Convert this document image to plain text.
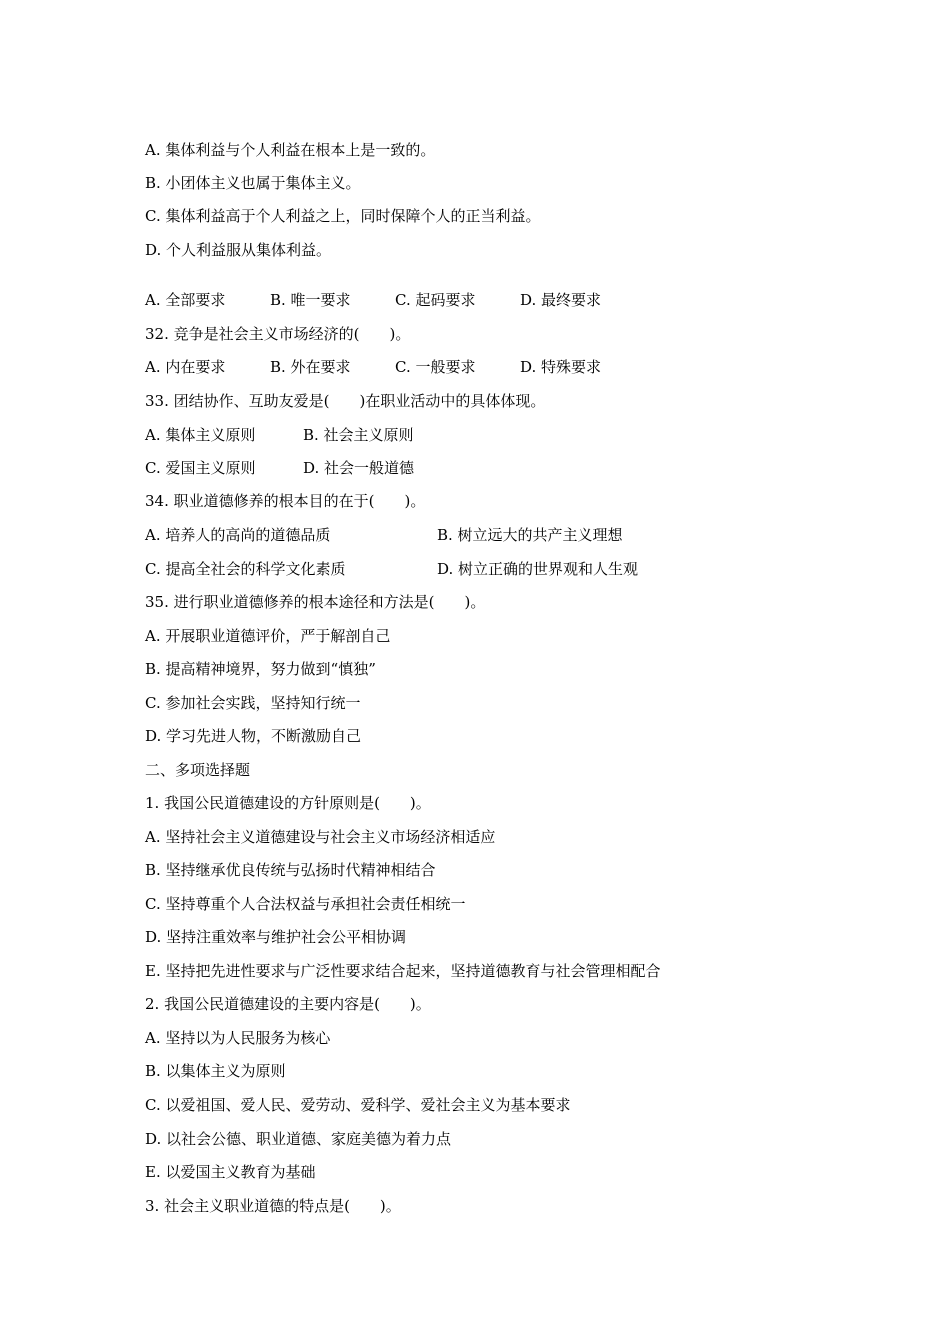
A. 集体利益与个人利益在根本上是一致的。
B. 小团体主义也属于集体主义。
C. 集体利益高于个人利益之上，同时保障个人的正当利益。
D. 个人利益服从集体利益。

A. 全部要求

	B. 唯一要求

	C. 起码要求

	D. 最终要求

32. 竞争是社会主义市场经济的(　　)。

A. 内在要求

	B. 外在要求

	C. 一般要求

	D. 特殊要求

33. 团结协作、互助友爱是(　　)在职业活动中的具体体现。

A. 集体主义原则

	B. 社会主义原则

C. 爱国主义原则

	D. 社会一般道德

34. 职业道德修养的根本目的在于(　　)。

A. 培养人的高尚的道德品质

	B. 树立远大的共产主义理想

C. 提高全社会的科学文化素质

	D. 树立正确的世界观和人生观

35. 进行职业道德修养的根本途径和方法是(　　)。
A. 开展职业道德评价，严于解剖自己
B. 提高精神境界，努力做到“慎独”
C. 参加社会实践，坚持知行统一
D. 学习先进人物，不断激励自己
二、多项选择题
1. 我国公民道德建设的方针原则是(　　)。
A. 坚持社会主义道德建设与社会主义市场经济相适应
B. 坚持继承优良传统与弘扬时代精神相结合
C. 坚持尊重个人合法权益与承担社会责任相统一
D. 坚持注重效率与维护社会公平相协调
E. 坚持把先进性要求与广泛性要求结合起来，坚持道德教育与社会管理相配合
2. 我国公民道德建设的主要内容是(　　)。
A. 坚持以为人民服务为核心
B. 以集体主义为原则
C. 以爱祖国、爱人民、爱劳动、爱科学、爱社会主义为基本要求
D. 以社会公德、职业道德、家庭美德为着力点
E. 以爱国主义教育为基础
3. 社会主义职业道德的特点是(　　)。
